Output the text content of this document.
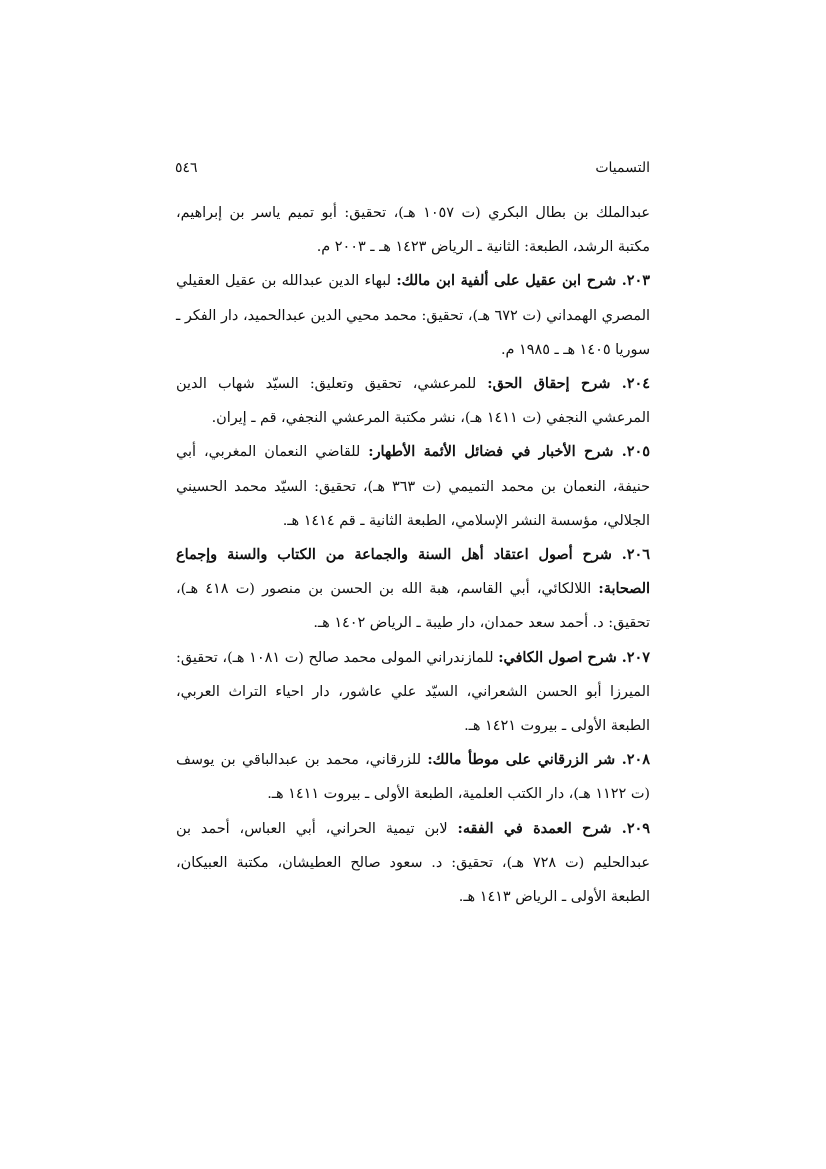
التسميات
٥٤٦

عبدالملك بن بطال البكري (ت ١٠٥٧ هـ)، تحقيق: أبو تميم ياسر بن إبراهيم، مكتبة الرشد، الطبعة: الثانية ـ الرياض ١٤٢٣ هـ ـ ٢٠٠٣ م.

٢٠٣. شرح ابن عقيل على ألفية ابن مالك: لبهاء الدين عبدالله بن عقيل العقيلي المصري الهمداني (ت ٦٧٢ هـ)، تحقيق: محمد محيي الدين عبدالحميد، دار الفكر ـ سوريا ١٤٠٥ هـ ـ ١٩٨٥ م.

٢٠٤. شرح إحقاق الحق: للمرعشي، تحقيق وتعليق: السيّد شهاب الدين المرعشي النجفي (ت ١٤١١ هـ)، نشر مكتبة المرعشي النجفي، قم ـ إيران.

٢٠٥. شرح الأخبار في فضائل الأئمة الأطهار: للقاضي النعمان المغربي، أبي حنيفة، النعمان بن محمد التميمي (ت ٣٦٣ هـ)، تحقيق: السيّد محمد الحسيني الجلالي، مؤسسة النشر الإسلامي، الطبعة الثانية ـ قم ١٤١٤ هـ.

٢٠٦. شرح أصول اعتقاد أهل السنة والجماعة من الكتاب والسنة وإجماع الصحابة: اللالكائي، أبي القاسم، هبة الله بن الحسن بن منصور (ت ٤١٨ هـ)، تحقيق: د. أحمد سعد حمدان، دار طيبة ـ الرياض ١٤٠٢ هـ.

٢٠٧. شرح اصول الكافي: للمازندراني المولى محمد صالح (ت ١٠٨١ هـ)، تحقيق: الميرزا أبو الحسن الشعراني، السيّد علي عاشور، دار احياء التراث العربي، الطبعة الأولى ـ بيروت ١٤٢١ هـ.

٢٠٨. شر الزرقاني على موطأ مالك: للزرقاني، محمد بن عبدالباقي بن يوسف (ت ١١٢٢ هـ)، دار الكتب العلمية، الطبعة الأولى ـ بيروت ١٤١١ هـ.

٢٠٩. شرح العمدة في الفقه: لابن تيمية الحراني، أبي العباس، أحمد بن عبدالحليم (ت ٧٢٨ هـ)، تحقيق: د. سعود صالح العطيشان، مكتبة العبيكان، الطبعة الأولى ـ الرياض ١٤١٣ هـ.
